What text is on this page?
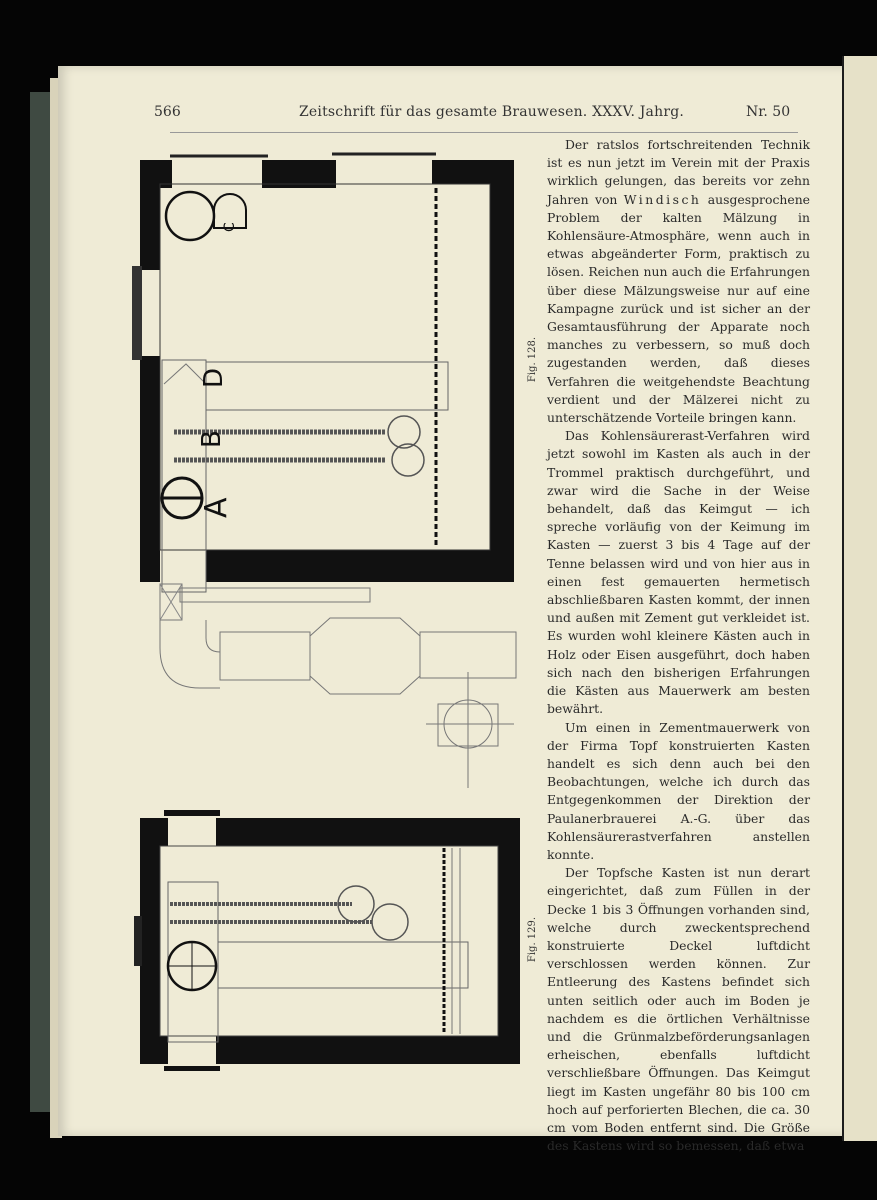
566	Zeitschrift für das gesamte Brauwesen. XXXV. Jahrg.	Nr. 50
D
B
A
C
Fig. 128.
Fig. 129.

Der ratslos fortschreitenden Technik ist es nun jetzt im Verein mit der Praxis wirklich gelungen, das bereits vor zehn Jahren von Windisch ausgesprochene Problem der kalten Mälzung in Kohlensäure-Atmosphäre, wenn auch in etwas abgeänderter Form, praktisch zu lösen. Reichen nun auch die Erfahrungen über diese Mälzungsweise nur auf eine Kampagne zurück und ist sicher an der Gesamtausführung der Apparate noch manches zu verbessern, so muß doch zugestanden werden, daß dieses Verfahren die weitgehendste Beachtung verdient und der Mälzerei nicht zu unterschätzende Vorteile bringen kann.

Das Kohlensäurerast-Verfahren wird jetzt sowohl im Kasten als auch in der Trommel praktisch durchgeführt, und zwar wird die Sache in der Weise behandelt, daß das Keimgut — ich spreche vorläufig von der Keimung im Kasten — zuerst 3 bis 4 Tage auf der Tenne belassen wird und von hier aus in einen fest gemauerten hermetisch abschließbaren Kasten kommt, der innen und außen mit Zement gut verkleidet ist. Es wurden wohl kleinere Kästen auch in Holz oder Eisen ausgeführt, doch haben sich nach den bisherigen Erfahrungen die Kästen aus Mauerwerk am besten bewährt.

Um einen in Zementmauerwerk von der Firma Topf konstruierten Kasten handelt es sich denn auch bei den Beobachtungen, welche ich durch das Entgegenkommen der Direktion der Paulanerbrauerei A.-G. über das Kohlensäurerastverfahren anstellen konnte.

Der Topfsche Kasten ist nun derart eingerichtet, daß zum Füllen in der Decke 1 bis 3 Öffnungen vorhanden sind, welche durch zweckentsprechend konstruierte Deckel luftdicht verschlossen werden können. Zur Entleerung des Kastens befindet sich unten seitlich oder auch im Boden je nachdem es die örtlichen Verhältnisse und die Grünmalzbeförderungsanlagen erheischen, ebenfalls luftdicht verschließbare Öffnungen. Das Keimgut liegt im Kasten ungefähr 80 bis 100 cm hoch auf perforierten Blechen, die ca. 30 cm vom Boden entfernt sind. Die Größe des Kastens wird so bemessen, daß etwa
